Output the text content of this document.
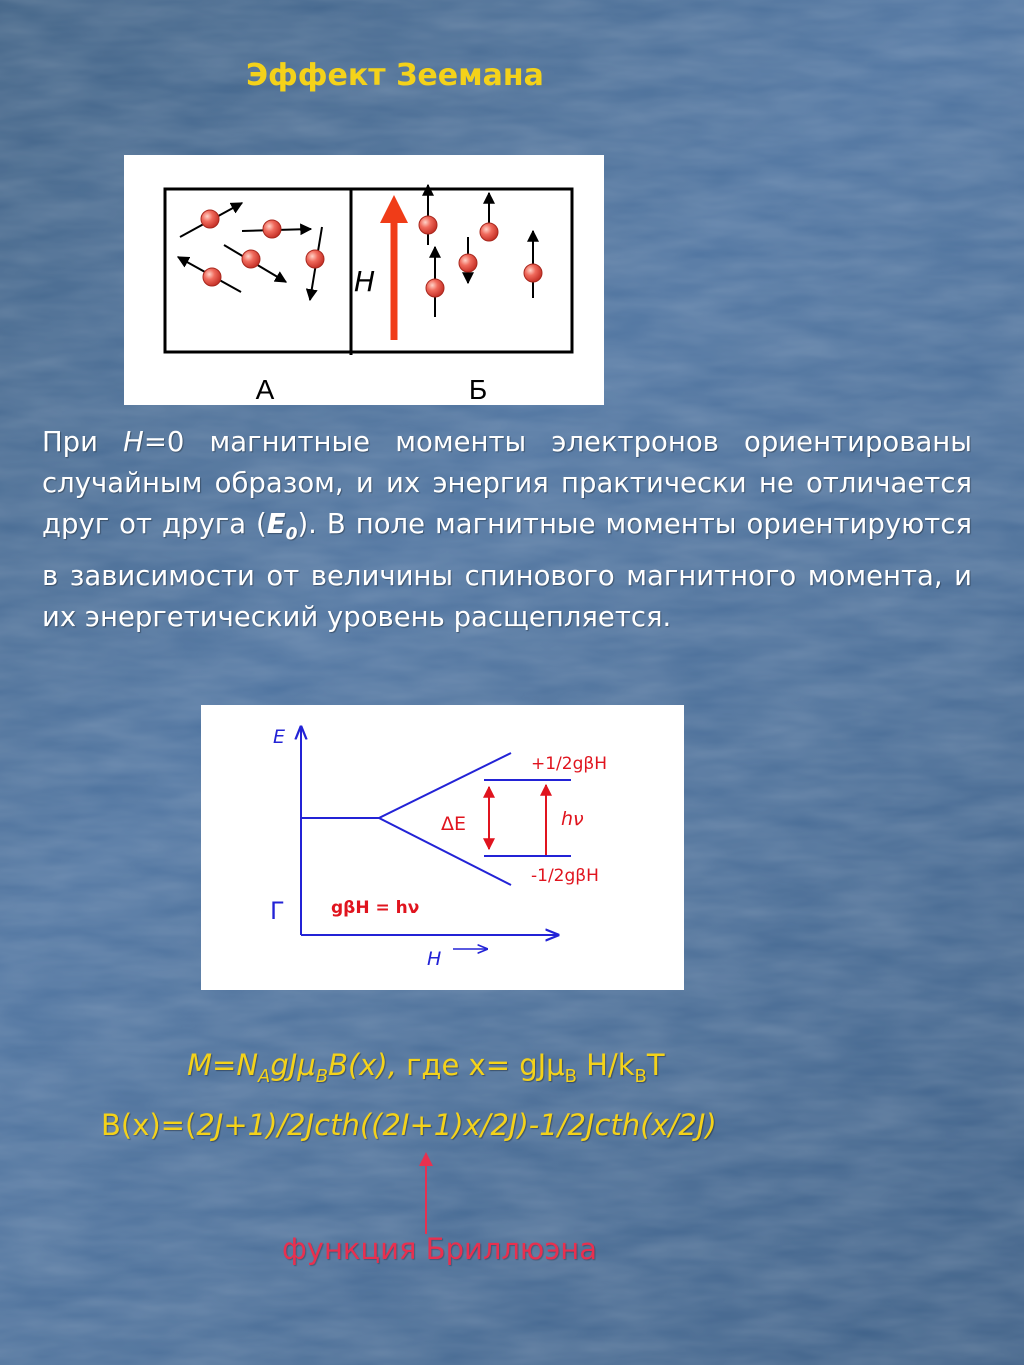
Эффект Зеемана
H
А	Б
При H=0 магнитные моменты электронов ориентированы случайным образом, и их энергия практически не отличается друг от друга $(E_0)$. В поле магнитные моменты ориентируются в зависимости от величины спинового магнитного момента, и их энергетический уровень расщепляется.
E
H
ΔE	hν
+1/2gβH
-1/2gβH
Г	gβH = hν
$M=N_AgJ\mu_BB(x)$, где x= gJμ$_B$ $H/k_BT$
B(x)=(2J+1)/2Jcth((2I+1)x/2J)-1/2Jcth(x/2J)
функция Бриллюэна
